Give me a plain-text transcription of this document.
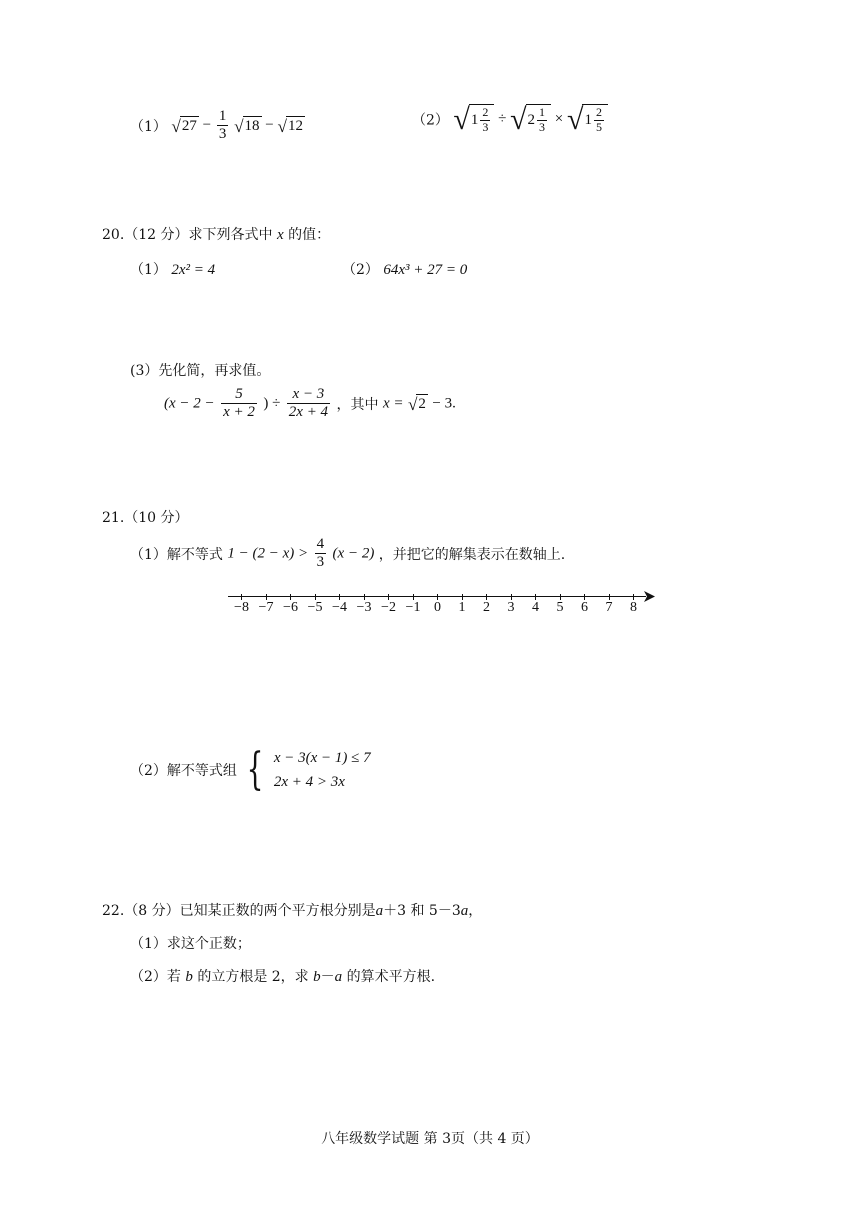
（1） √ $27 - \frac{1}{3}$
√ 18 − √ 12	（2） √ $1 \frac{2}{3}$ ÷ √ $2 \frac{1}{3}$ × √ $1 \frac{2}{5}$
20.（12 分）求下列各式中 x 的值：
（1） 2x² = 4	（2） 64x³ + 27 = 0
(3）先化简，再求值。
($x - 2 - \frac{5}{x + 2}$ ) ÷ $\frac{x - 3}{2x + 4}$ ，其中 x = √ 2 − 3.
21.（10 分）
（1）解不等式 $1 - (2 - x) > \frac{4}{3} (x - 2)$ ，并把它的解集表示在数轴上.
−8 −7 −6 −5 −4 −3 −2 −1 0 1 2 3 4 5 6 7 8
（2）解不等式组 { x − 3(x − 1) ≤ 7
2x + 4 > 3x
22.（8 分）已知某正数的两个平方根分别是a＋3 和 5－3a，
（1）求这个正数；
（2）若 b 的立方根是 2，求 b－a 的算术平方根.
八年级数学试题 第 3页（共 4 页）
